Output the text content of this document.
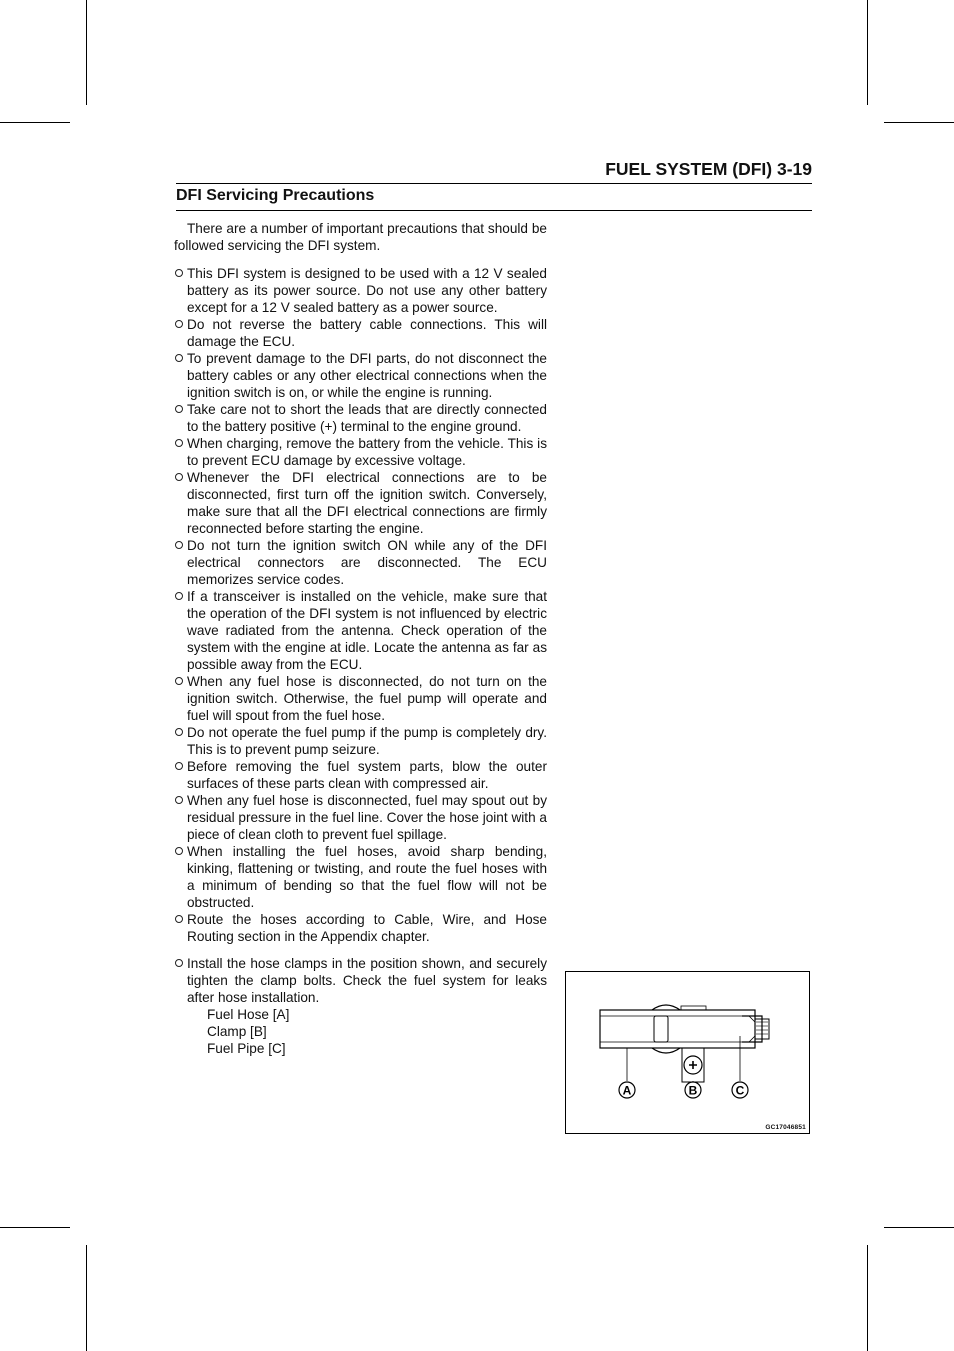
FUEL SYSTEM (DFI) 3-19
DFI Servicing Precautions

There are a number of important precautions that should be followed servicing the DFI system.

This DFI system is designed to be used with a 12 V sealed battery as its power source. Do not use any other battery except for a 12 V sealed battery as a power source.
Do not reverse the battery cable connections. This will damage the ECU.
To prevent damage to the DFI parts, do not disconnect the battery cables or any other electrical connections when the ignition switch is on, or while the engine is running.
Take care not to short the leads that are directly connected to the battery positive (+) terminal to the engine ground.
When charging, remove the battery from the vehicle. This is to prevent ECU damage by excessive voltage.
Whenever the DFI electrical connections are to be disconnected, first turn off the ignition switch. Conversely, make sure that all the DFI electrical connections are firmly reconnected before starting the engine.
Do not turn the ignition switch ON while any of the DFI electrical connectors are disconnected. The ECU memorizes service codes.
If a transceiver is installed on the vehicle, make sure that the operation of the DFI system is not influenced by electric wave radiated from the antenna. Check operation of the system with the engine at idle. Locate the antenna as far as possible away from the ECU.
When any fuel hose is disconnected, do not turn on the ignition switch. Otherwise, the fuel pump will operate and fuel will spout from the fuel hose.
Do not operate the fuel pump if the pump is completely dry. This is to prevent pump seizure.
Before removing the fuel system parts, blow the outer surfaces of these parts clean with compressed air.
When any fuel hose is disconnected, fuel may spout out by residual pressure in the fuel line. Cover the hose joint with a piece of clean cloth to prevent fuel spillage.
When installing the fuel hoses, avoid sharp bending, kinking, flattening or twisting, and route the fuel hoses with a minimum of bending so that the fuel flow will not be obstructed.
Route the hoses according to Cable, Wire, and Hose Routing section in the Appendix chapter.
Install the hose clamps in the position shown, and securely tighten the clamp bolts. Check the fuel system for leaks after hose installation.
Fuel Hose [A]
Clamp [B]
Fuel Pipe [C]
A	B	C
GC17046851
